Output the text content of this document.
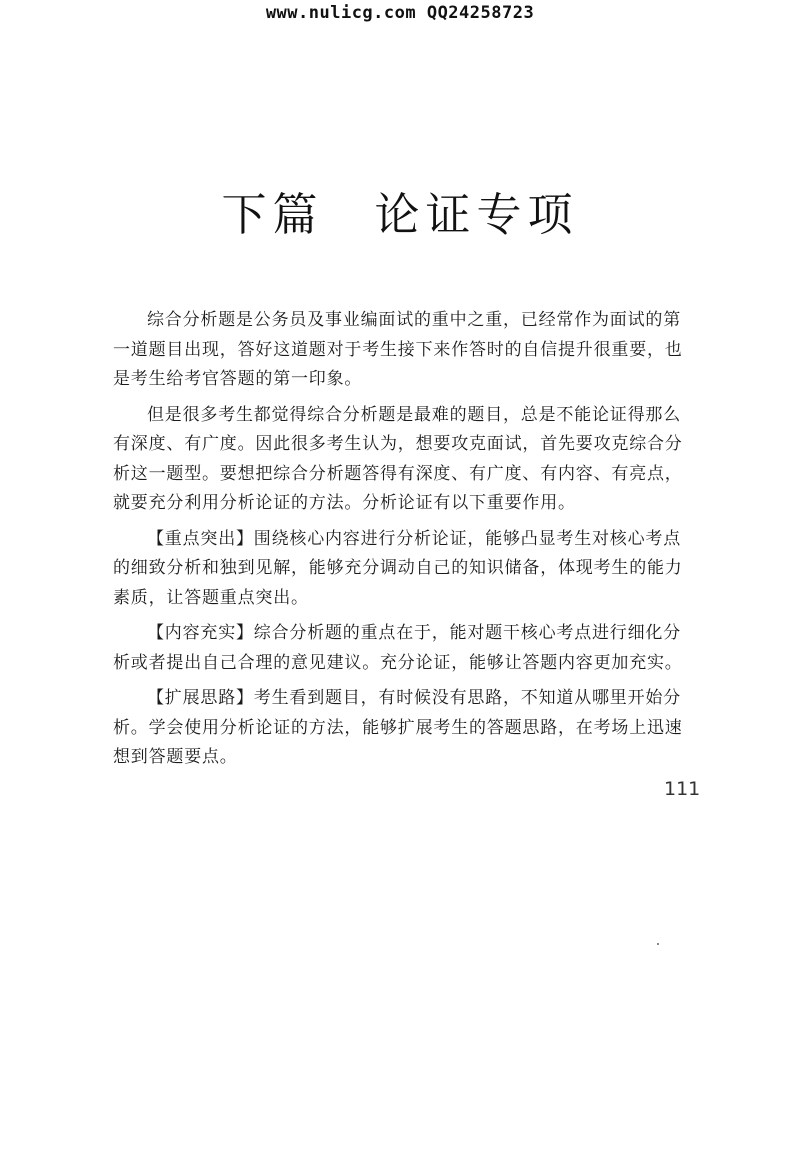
www.nulicg.com QQ24258723
下篇　论证专项

综合分析题是公务员及事业编面试的重中之重，已经常作为面试的第一道题目出现，答好这道题对于考生接下来作答时的自信提升很重要，也是考生给考官答题的第一印象。

但是很多考生都觉得综合分析题是最难的题目，总是不能论证得那么有深度、有广度。因此很多考生认为，想要攻克面试，首先要攻克综合分析这一题型。要想把综合分析题答得有深度、有广度、有内容、有亮点，就要充分利用分析论证的方法。分析论证有以下重要作用。

【重点突出】围绕核心内容进行分析论证，能够凸显考生对核心考点的细致分析和独到见解，能够充分调动自己的知识储备，体现考生的能力素质，让答题重点突出。

【内容充实】综合分析题的重点在于，能对题干核心考点进行细化分析或者提出自己合理的意见建议。充分论证，能够让答题内容更加充实。

【扩展思路】考生看到题目，有时候没有思路，不知道从哪里开始分析。学会使用分析论证的方法，能够扩展考生的答题思路，在考场上迅速想到答题要点。

111
